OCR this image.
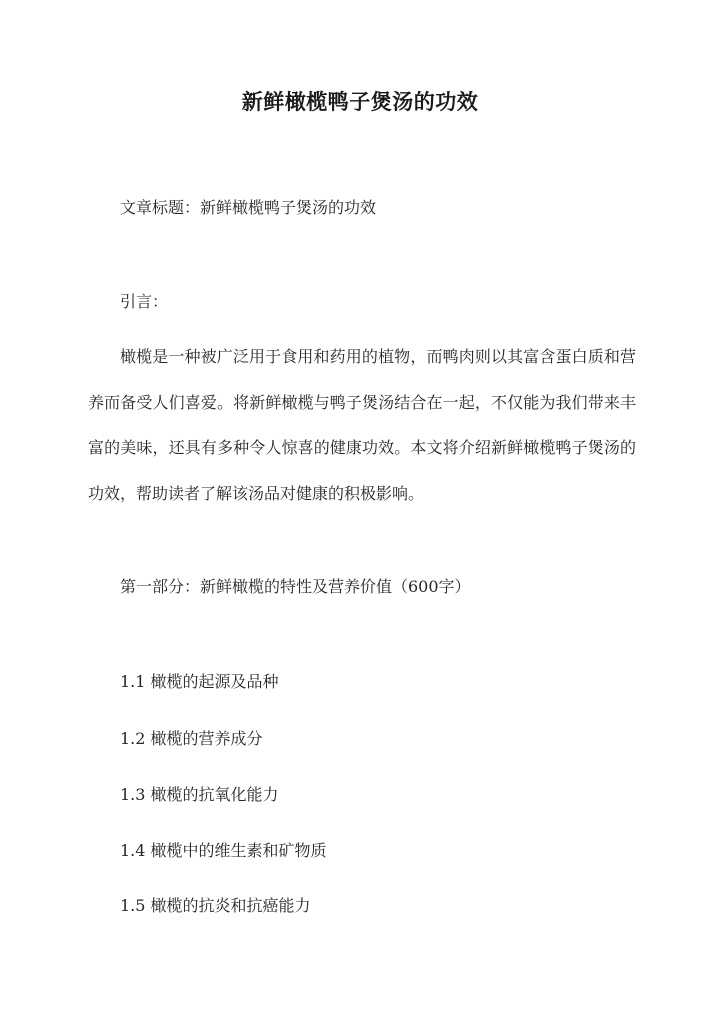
新鲜橄榄鸭子煲汤的功效
文章标题：新鲜橄榄鸭子煲汤的功效
引言：

橄榄是一种被广泛用于食用和药用的植物，而鸭肉则以其富含蛋白质和营养而备受人们喜爱。将新鲜橄榄与鸭子煲汤结合在一起，不仅能为我们带来丰富的美味，还具有多种令人惊喜的健康功效。本文将介绍新鲜橄榄鸭子煲汤的功效，帮助读者了解该汤品对健康的积极影响。

第一部分：新鲜橄榄的特性及营养价值（600字）
1.1 橄榄的起源及品种
1.2 橄榄的营养成分
1.3 橄榄的抗氧化能力
1.4 橄榄中的维生素和矿物质
1.5 橄榄的抗炎和抗癌能力
